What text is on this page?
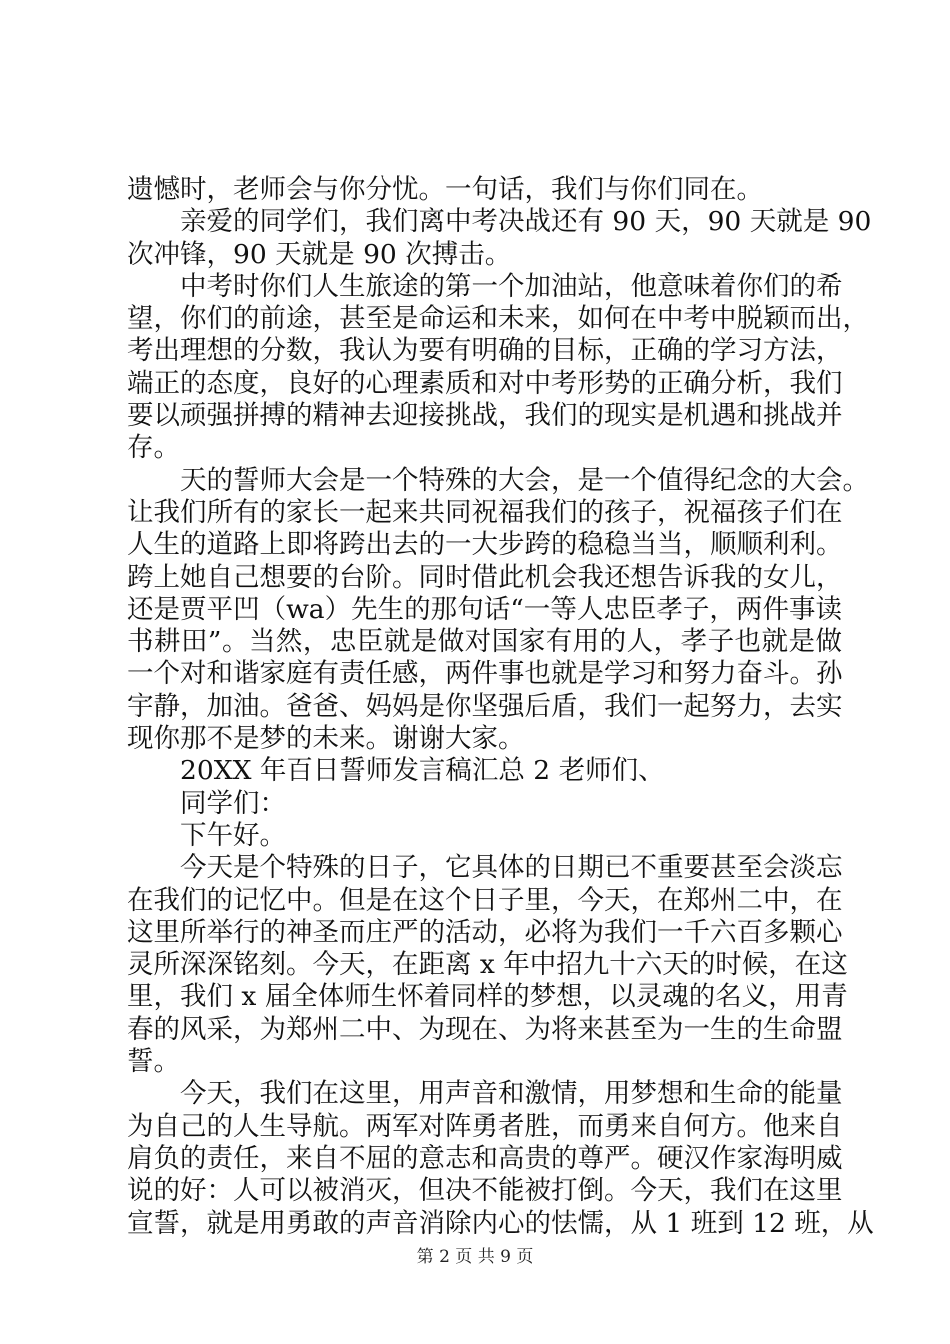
遗憾时，老师会与你分忧。一句话，我们与你们同在。
亲爱的同学们，我们离中考决战还有 90 天，90 天就是 90
次冲锋，90 天就是 90 次搏击。
中考时你们人生旅途的第一个加油站，他意味着你们的希
望，你们的前途，甚至是命运和未来，如何在中考中脱颖而出，
考出理想的分数，我认为要有明确的目标，正确的学习方法，
端正的态度，良好的心理素质和对中考形势的正确分析，我们
要以顽强拼搏的精神去迎接挑战，我们的现实是机遇和挑战并
存。
天的誓师大会是一个特殊的大会，是一个值得纪念的大会。
让我们所有的家长一起来共同祝福我们的孩子，祝福孩子们在
人生的道路上即将跨出去的一大步跨的稳稳当当，顺顺利利。
跨上她自己想要的台阶。同时借此机会我还想告诉我的女儿，
还是贾平凹（wa）先生的那句话“一等人忠臣孝子，两件事读
书耕田”。当然，忠臣就是做对国家有用的人，孝子也就是做
一个对和谐家庭有责任感，两件事也就是学习和努力奋斗。孙
宇静，加油。爸爸、妈妈是你坚强后盾，我们一起努力，去实
现你那不是梦的未来。谢谢大家。
20XX 年百日誓师发言稿汇总 2 老师们、
同学们：
下午好。
今天是个特殊的日子，它具体的日期已不重要甚至会淡忘
在我们的记忆中。但是在这个日子里，今天，在郑州二中，在
这里所举行的神圣而庄严的活动，必将为我们一千六百多颗心
灵所深深铭刻。今天，在距离 x 年中招九十六天的时候，在这
里，我们 x 届全体师生怀着同样的梦想，以灵魂的名义，用青
春的风采，为郑州二中、为现在、为将来甚至为一生的生命盟
誓。
今天，我们在这里，用声音和激情，用梦想和生命的能量
为自己的人生导航。两军对阵勇者胜，而勇来自何方。他来自
肩负的责任，来自不屈的意志和高贵的尊严。硬汉作家海明威
说的好：人可以被消灭，但决不能被打倒。今天，我们在这里
宣誓，就是用勇敢的声音消除内心的怯懦，从 1 班到 12 班，从
第 2 页 共 9 页
